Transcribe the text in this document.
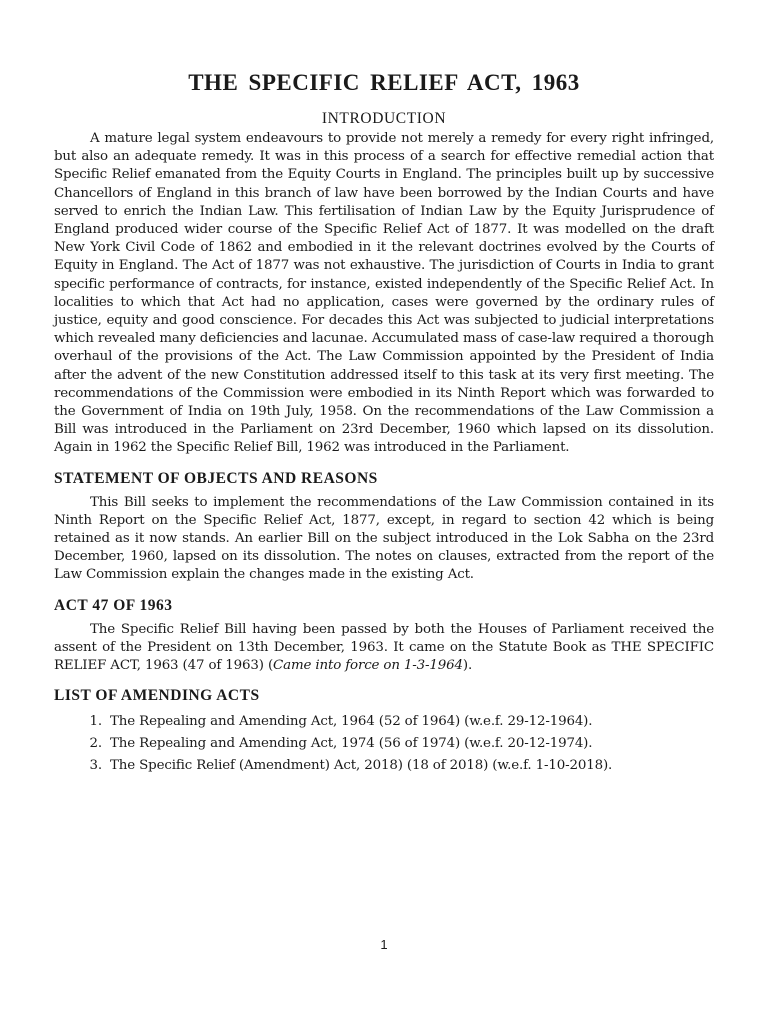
THE SPECIFIC RELIEF ACT, 1963
INTRODUCTION

A mature legal system endeavours to provide not merely a remedy for every right infringed, but also an adequate remedy. It was in this process of a search for effective remedial action that Specific Relief emanated from the Equity Courts in England. The principles built up by successive Chancellors of England in this branch of law have been borrowed by the Indian Courts and have served to enrich the Indian Law. This fertilisation of Indian Law by the Equity Jurisprudence of England produced wider course of the Specific Relief Act of 1877. It was modelled on the draft New York Civil Code of 1862 and embodied in it the relevant doctrines evolved by the Courts of Equity in England. The Act of 1877 was not exhaustive. The jurisdiction of Courts in India to grant specific performance of contracts, for instance, existed independently of the Specific Relief Act. In localities to which that Act had no application, cases were governed by the ordinary rules of justice, equity and good conscience. For decades this Act was subjected to judicial interpretations which revealed many deficiencies and lacunae. Accumulated mass of case-law required a thorough overhaul of the provisions of the Act. The Law Commission appointed by the President of India after the advent of the new Constitution addressed itself to this task at its very first meeting. The recommendations of the Commission were embodied in its Ninth Report which was forwarded to the Government of India on 19th July, 1958. On the recommendations of the Law Commission a Bill was introduced in the Parliament on 23rd December, 1960 which lapsed on its dissolution. Again in 1962 the Specific Relief Bill, 1962 was introduced in the Parliament.

STATEMENT OF OBJECTS AND REASONS

This Bill seeks to implement the recommendations of the Law Commission contained in its Ninth Report on the Specific Relief Act, 1877, except, in regard to section 42 which is being retained as it now stands. An earlier Bill on the subject introduced in the Lok Sabha on the 23rd December, 1960, lapsed on its dissolution. The notes on clauses, extracted from the report of the Law Commission explain the changes made in the existing Act.

ACT 47 OF 1963

The Specific Relief Bill having been passed by both the Houses of Parliament received the assent of the President on 13th December, 1963. It came on the Statute Book as THE SPECIFIC RELIEF ACT, 1963 (47 of 1963) (Came into force on 1-3-1964).

LIST OF AMENDING ACTS
1. The Repealing and Amending Act, 1964 (52 of 1964) (w.e.f. 29-12-1964).
2. The Repealing and Amending Act, 1974 (56 of 1974) (w.e.f. 20-12-1974).
3. The Specific Relief (Amendment) Act, 2018) (18 of 2018) (w.e.f. 1-10-2018).
1
